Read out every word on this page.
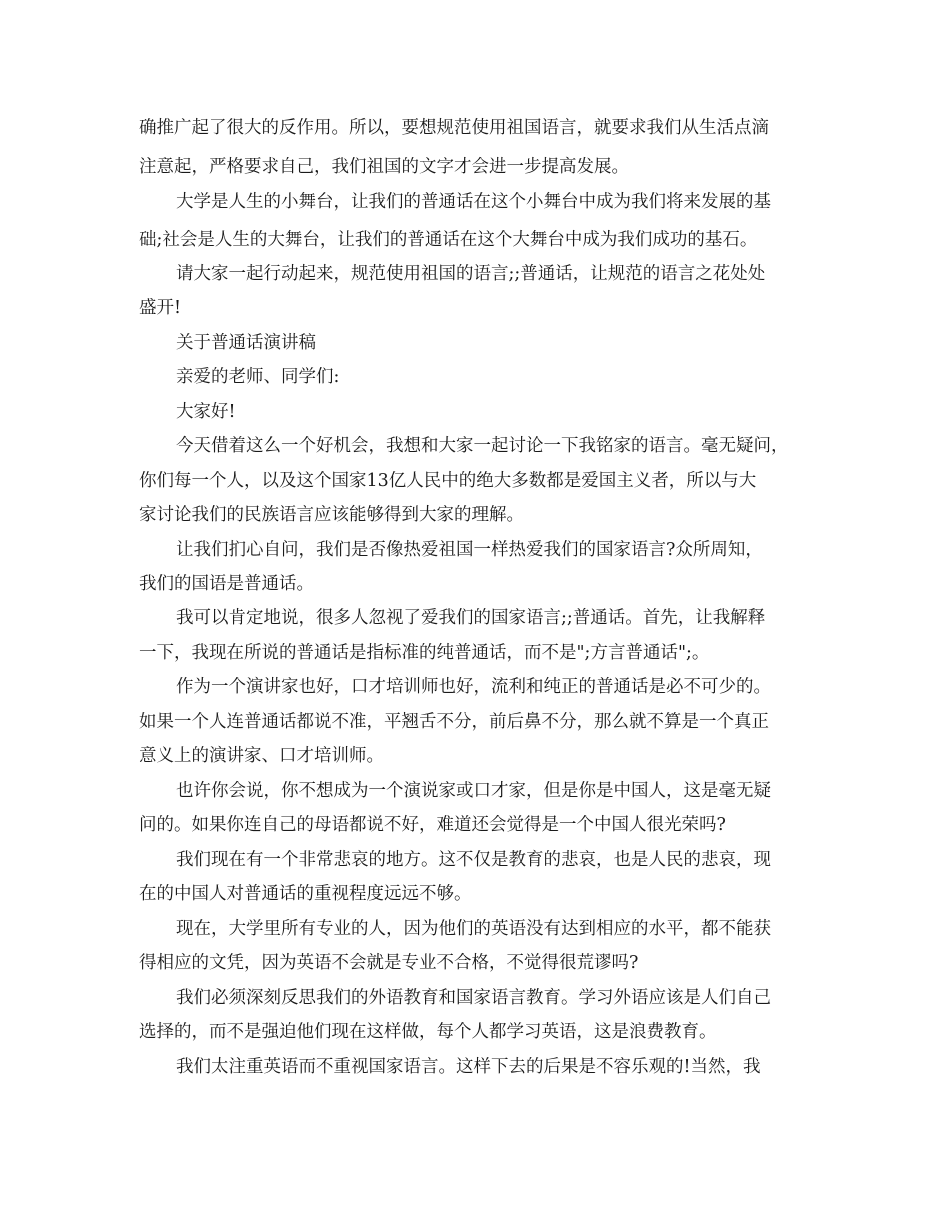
确推广起了很大的反作用。所以，要想规范使用祖国语言，就要求我们从生活点滴
注意起，严格要求自己，我们祖国的文字才会进一步提高发展。
大学是人生的小舞台，让我们的普通话在这个小舞台中成为我们将来发展的基
础;社会是人生的大舞台，让我们的普通话在这个大舞台中成为我们成功的基石。
请大家一起行动起来，规范使用祖国的语言;;普通话，让规范的语言之花处处
盛开!
关于普通话演讲稿
亲爱的老师、同学们:
大家好!
今天借着这么一个好机会，我想和大家一起讨论一下我铭家的语言。毫无疑问，
你们每一个人，以及这个国家13亿人民中的绝大多数都是爱国主义者，所以与大
家讨论我们的民族语言应该能够得到大家的理解。
让我们扪心自问，我们是否像热爱祖国一样热爱我们的国家语言?众所周知，
我们的国语是普通话。
我可以肯定地说，很多人忽视了爱我们的国家语言;;普通话。首先，让我解释
一下，我现在所说的普通话是指标准的纯普通话，而不是";方言普通话";。
作为一个演讲家也好，口才培训师也好，流利和纯正的普通话是必不可少的。
如果一个人连普通话都说不准，平翘舌不分，前后鼻不分，那么就不算是一个真正
意义上的演讲家、口才培训师。
也许你会说，你不想成为一个演说家或口才家，但是你是中国人，这是毫无疑
问的。如果你连自己的母语都说不好，难道还会觉得是一个中国人很光荣吗?
我们现在有一个非常悲哀的地方。这不仅是教育的悲哀，也是人民的悲哀，现
在的中国人对普通话的重视程度远远不够。
现在，大学里所有专业的人，因为他们的英语没有达到相应的水平，都不能获
得相应的文凭，因为英语不会就是专业不合格，不觉得很荒谬吗?
我们必须深刻反思我们的外语教育和国家语言教育。学习外语应该是人们自己
选择的，而不是强迫他们现在这样做，每个人都学习英语，这是浪费教育。
我们太注重英语而不重视国家语言。这样下去的后果是不容乐观的!当然，我
